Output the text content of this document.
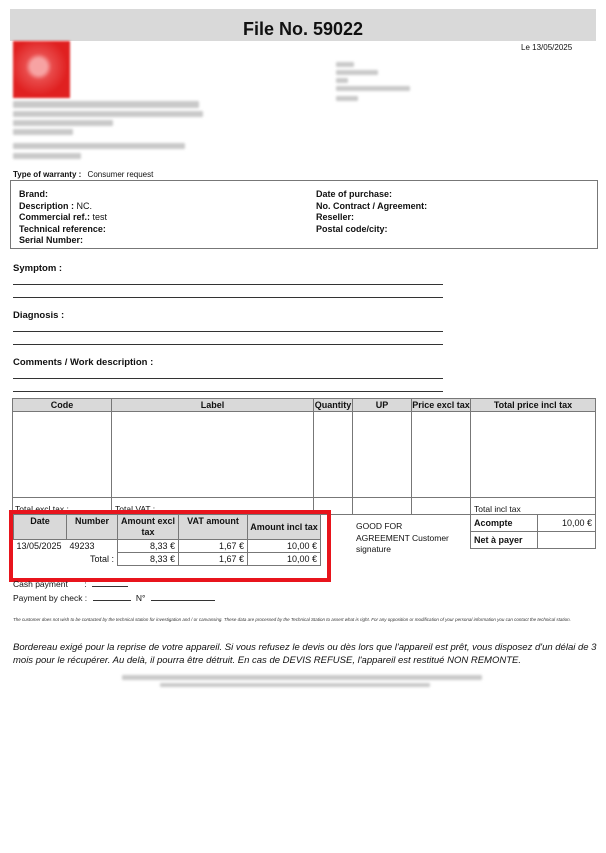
File No. 59022
Le 13/05/2025
Type of warranty : Consumer request
Brand:
Description : NC.
Commercial ref.: test
Technical reference:
Serial Number:
Date of purchase:
No. Contract / Agreement:
Reseller:
Postal code/city:
Symptom :
Diagnosis :
Comments / Work description :
Code	Label	Quantity	UP	Price excl tax	Total price incl tax

Total excl tax :	Total VAT :				Total incl tax
Date	Number	Amount excl tax	VAT amount	Amount incl tax
13/05/2025	49233	8,33 €	1,67 €	10,00 €
	Total :	8,33 €	1,67 €	10,00 €
GOOD FOR AGREEMENT Customer signature
Acompte	10,00 €
Net à payer	
Cash payment :
Payment by check :	N°
The customer does not wish to be contacted by the technical station for investigation and / or canvassing. These data are processed by the Technical Station to assert what is right. For any opposition or modification of your personal information you can contact the technical station.
Bordereau exigé pour la reprise de votre appareil. Si vous refusez le devis ou dès lors que l'appareil est prêt, vous disposez d'un délai de 3 mois pour le récupérer. Au delà, il pourra être détruit. En cas de DEVIS REFUSE, l'appareil est restitué NON REMONTE.
